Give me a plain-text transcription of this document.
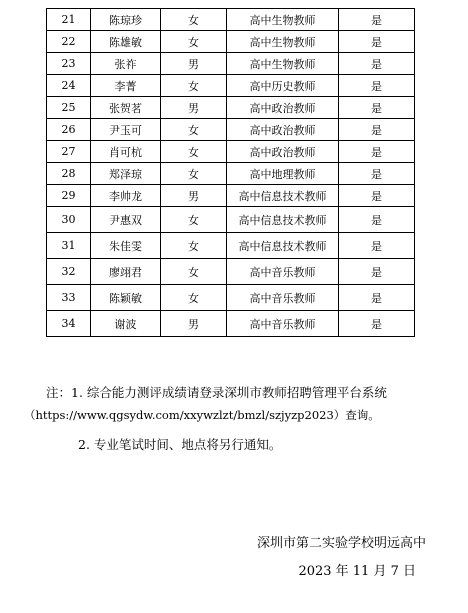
21	陈琼珍	女	高中生物教师	是
22	陈雄敏	女	高中生物教师	是
23	张祚	男	高中生物教师	是
24	李菁	女	高中历史教师	是
25	张贺茗	男	高中政治教师	是
26	尹玉可	女	高中政治教师	是
27	肖可杭	女	高中政治教师	是
28	郑泽琼	女	高中地理教师	是
29	李帅龙	男	高中信息技术教师	是
30	尹惠双	女	高中信息技术教师	是
31	朱佳雯	女	高中信息技术教师	是
32	廖翊君	女	高中音乐教师	是
33	陈颖敏	女	高中音乐教师	是
34	谢波	男	高中音乐教师	是

注：1. 综合能力测评成绩请登录深圳市教师招聘管理平台系统

（https://www.qgsydw.com/xxywzlzt/bmzl/szjyzp2023）查询。

2. 专业笔试时间、地点将另行通知。

深圳市第二实验学校明远高中

2023 年 11 月 7 日
